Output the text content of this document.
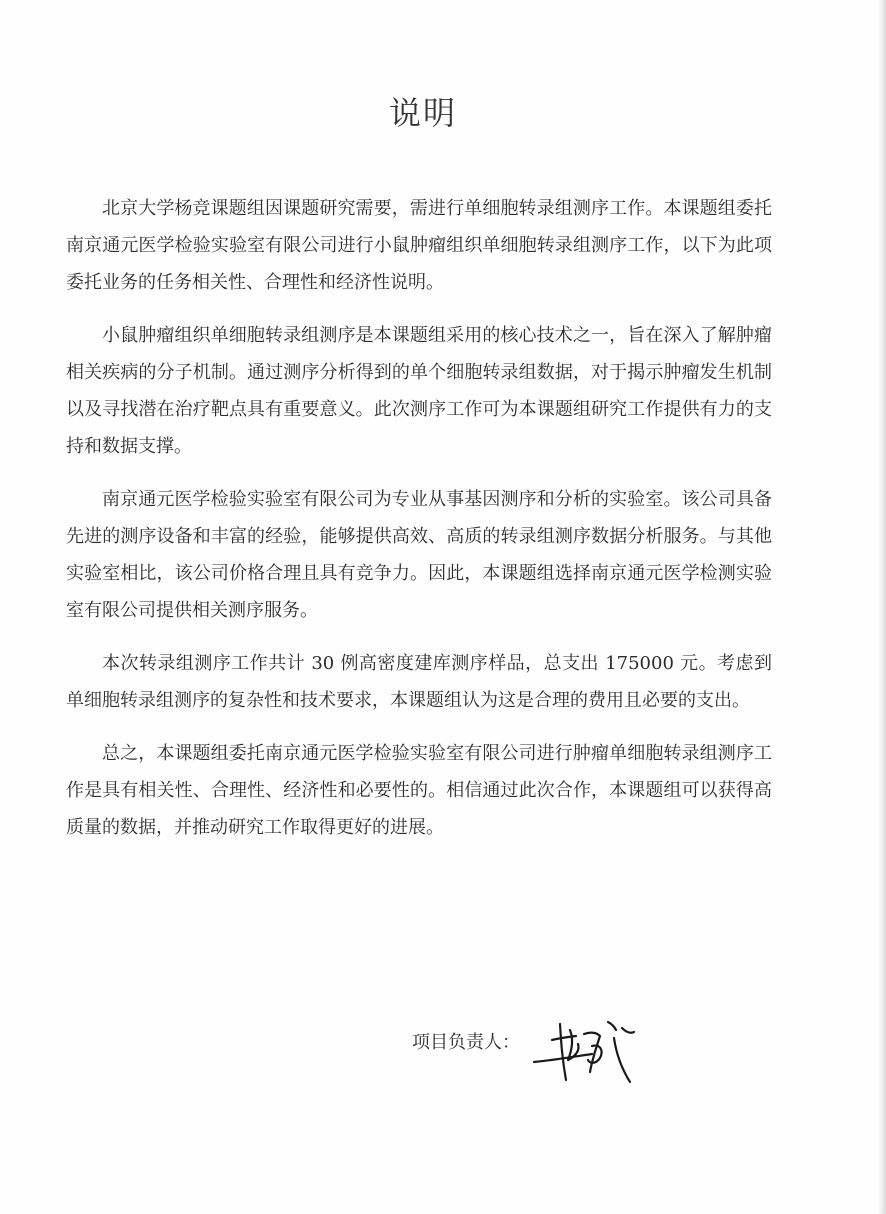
说明

北京大学杨竞课题组因课题研究需要，需进行单细胞转录组测序工作。本课题组委托南京通元医学检验实验室有限公司进行小鼠肿瘤组织单细胞转录组测序工作，以下为此项委托业务的任务相关性、合理性和经济性说明。

小鼠肿瘤组织单细胞转录组测序是本课题组采用的核心技术之一，旨在深入了解肿瘤相关疾病的分子机制。通过测序分析得到的单个细胞转录组数据，对于揭示肿瘤发生机制以及寻找潜在治疗靶点具有重要意义。此次测序工作可为本课题组研究工作提供有力的支持和数据支撑。

南京通元医学检验实验室有限公司为专业从事基因测序和分析的实验室。该公司具备先进的测序设备和丰富的经验，能够提供高效、高质的转录组测序数据分析服务。与其他实验室相比，该公司价格合理且具有竞争力。因此，本课题组选择南京通元医学检测实验室有限公司提供相关测序服务。

本次转录组测序工作共计 30 例高密度建库测序样品，总支出 175000 元。考虑到单细胞转录组测序的复杂性和技术要求，本课题组认为这是合理的费用且必要的支出。

总之，本课题组委托南京通元医学检验实验室有限公司进行肿瘤单细胞转录组测序工作是具有相关性、合理性、经济性和必要性的。相信通过此次合作，本课题组可以获得高质量的数据，并推动研究工作取得更好的进展。

项目负责人：
